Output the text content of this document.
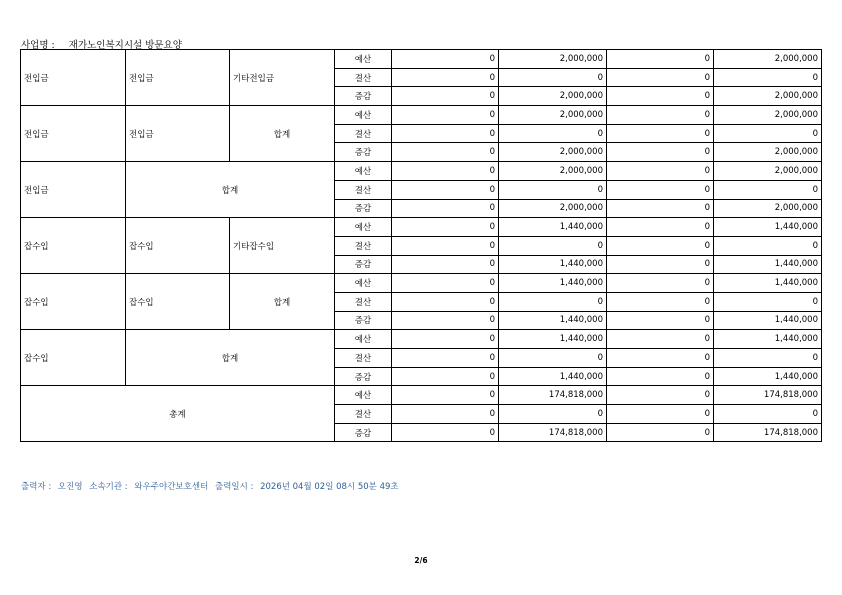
사업명 : 재가노인복지시설 방문요양
전입금	전입금	기타전입금	예산	0	2,000,000	0	2,000,000
			결산	0	0	0	0
			증감	0	2,000,000	0	2,000,000
전입금	전입금	합계	예산	0	2,000,000	0	2,000,000
			결산	0	0	0	0
			증감	0	2,000,000	0	2,000,000
전입금	합계		예산	0	2,000,000	0	2,000,000
			결산	0	0	0	0
			증감	0	2,000,000	0	2,000,000
잡수입	잡수입	기타잡수입	예산	0	1,440,000	0	1,440,000
			결산	0	0	0	0
			증감	0	1,440,000	0	1,440,000
잡수입	잡수입	합계	예산	0	1,440,000	0	1,440,000
			결산	0	0	0	0
			증감	0	1,440,000	0	1,440,000
잡수입	합계		예산	0	1,440,000	0	1,440,000
			결산	0	0	0	0
			증감	0	1,440,000	0	1,440,000
총계			예산	0	174,818,000	0	174,818,000
			결산	0	0	0	0
			증감	0	174,818,000	0	174,818,000
출력자 : 오진영 소속기관 : 와우주야간보호센터 출력일시 : 2026년 04월 02일 08시 50분 49초
2/6
